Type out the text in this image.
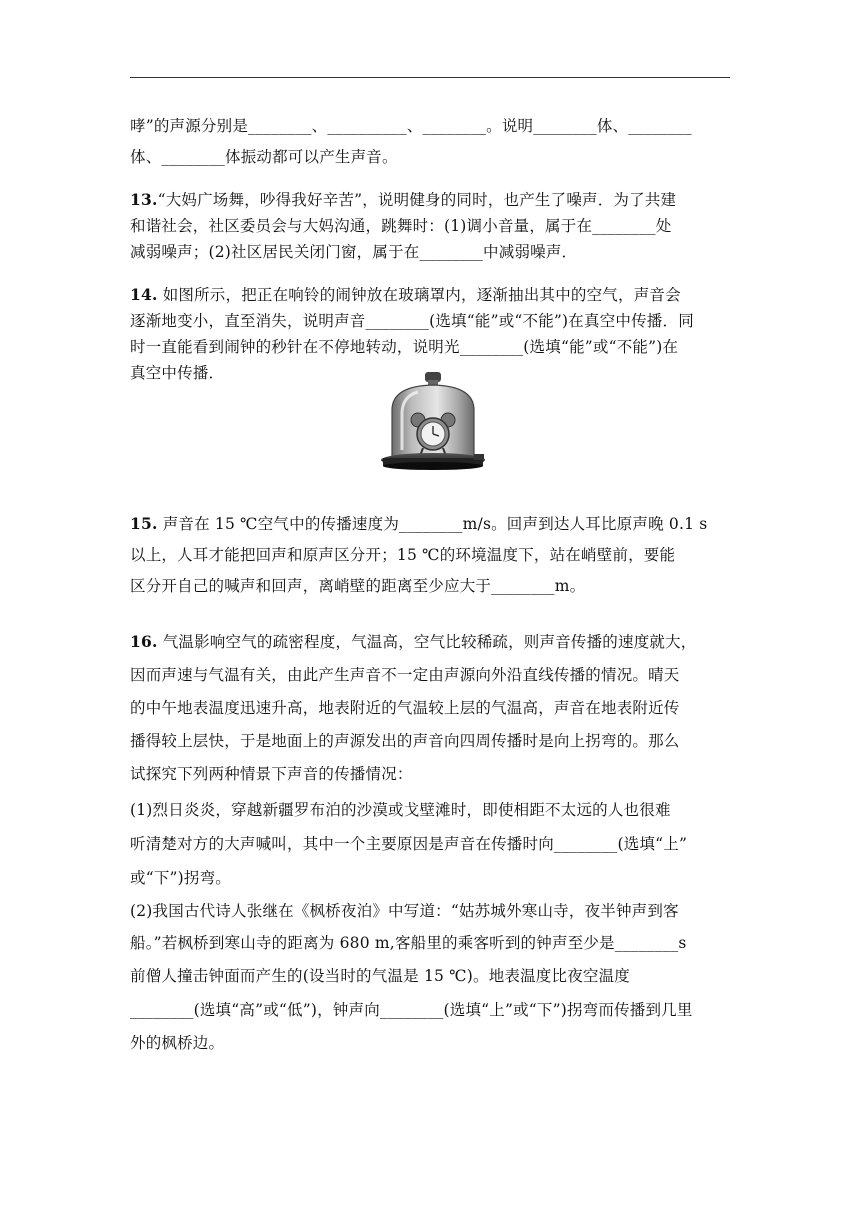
哮”的声源分别是________、__________、________。说明________体、________
体、________体振动都可以产生声音。
13.“大妈广场舞，吵得我好辛苦”，说明健身的同时，也产生了噪声．为了共建
和谐社会，社区委员会与大妈沟通，跳舞时：(1)调小音量，属于在________处
减弱噪声；(2)社区居民关闭门窗，属于在________中减弱噪声．
14. 如图所示，把正在响铃的闹钟放在玻璃罩内，逐渐抽出其中的空气，声音会
逐渐地变小，直至消失，说明声音________(选填“能”或“不能”)在真空中传播．同
时一直能看到闹钟的秒针在不停地转动，说明光________(选填“能”或“不能”)在
真空中传播．
15. 声音在 15 ℃空气中的传播速度为________m/s。回声到达人耳比原声晚 0.1 s
以上，人耳才能把回声和原声区分开；15 ℃的环境温度下，站在峭壁前，要能
区分开自己的喊声和回声，离峭壁的距离至少应大于________m。
16. 气温影响空气的疏密程度，气温高，空气比较稀疏，则声音传播的速度就大，
因而声速与气温有关，由此产生声音不一定由声源向外沿直线传播的情况。晴天
的中午地表温度迅速升高，地表附近的气温较上层的气温高，声音在地表附近传
播得较上层快，于是地面上的声源发出的声音向四周传播时是向上拐弯的。那么
试探究下列两种情景下声音的传播情况：
(1)烈日炎炎，穿越新疆罗布泊的沙漠或戈壁滩时，即使相距不太远的人也很难
听清楚对方的大声喊叫，其中一个主要原因是声音在传播时向________(选填“上”
或“下”)拐弯。
(2)我国古代诗人张继在《枫桥夜泊》中写道：“姑苏城外寒山寺，夜半钟声到客
船。”若枫桥到寒山寺的距离为 680 m,客船里的乘客听到的钟声至少是________s
前僧人撞击钟面而产生的(设当时的气温是 15 ℃)。地表温度比夜空温度
________(选填“高”或“低”)，钟声向________(选填“上”或“下”)拐弯而传播到几里
外的枫桥边。
